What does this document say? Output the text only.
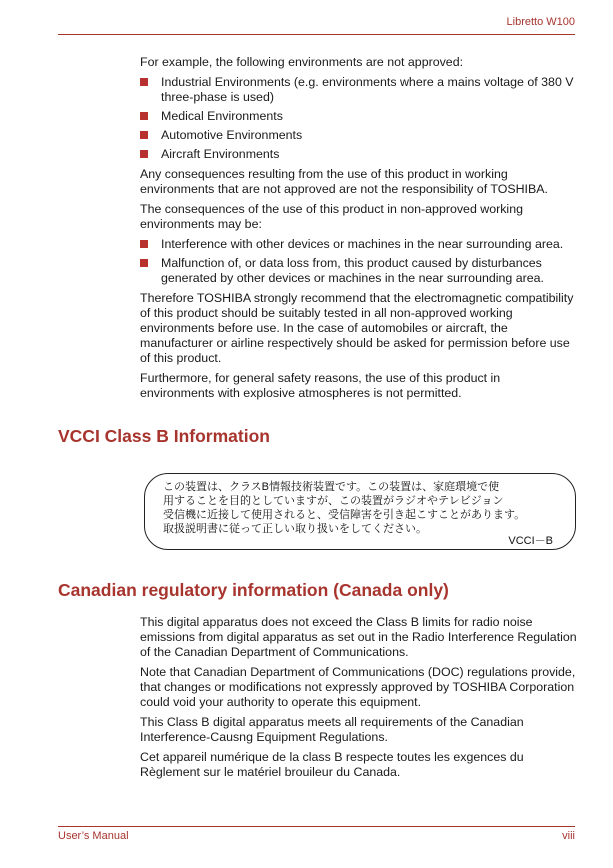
Libretto W100

For example, the following environments are not approved:

Industrial Environments (e.g. environments where a mains voltage of 380 V three-phase is used)
Medical Environments
Automotive Environments
Aircraft Environments

Any consequences resulting from the use of this product in working environments that are not approved are not the responsibility of TOSHIBA.

The consequences of the use of this product in non-approved working environments may be:

Interference with other devices or machines in the near surrounding area.
Malfunction of, or data loss from, this product caused by disturbances generated by other devices or machines in the near surrounding area.

Therefore TOSHIBA strongly recommend that the electromagnetic compatibility of this product should be suitably tested in all non-approved working environments before use. In the case of automobiles or aircraft, the manufacturer or airline respectively should be asked for permission before use of this product.

Furthermore, for general safety reasons, the use of this product in environments with explosive atmospheres is not permitted.

VCCI Class B Information
この装置は、クラスB情報技術装置です。この装置は、家庭環境で使
用することを目的としていますが、この装置がラジオやテレビジョン
受信機に近接して使用されると、受信障害を引き起こすことがあります。
取扱説明書に従って正しい取り扱いをしてください。
VCCI－B
Canadian regulatory information (Canada only)

This digital apparatus does not exceed the Class B limits for radio noise emissions from digital apparatus as set out in the Radio Interference Regulation of the Canadian Department of Communications.

Note that Canadian Department of Communications (DOC) regulations provide, that changes or modifications not expressly approved by TOSHIBA Corporation could void your authority to operate this equipment.

This Class B digital apparatus meets all requirements of the Canadian Interference-Causng Equipment Regulations.

Cet appareil numérique de la class B respecte toutes les exgences du Règlement sur le matériel brouileur du Canada.

User’s Manual	viii
